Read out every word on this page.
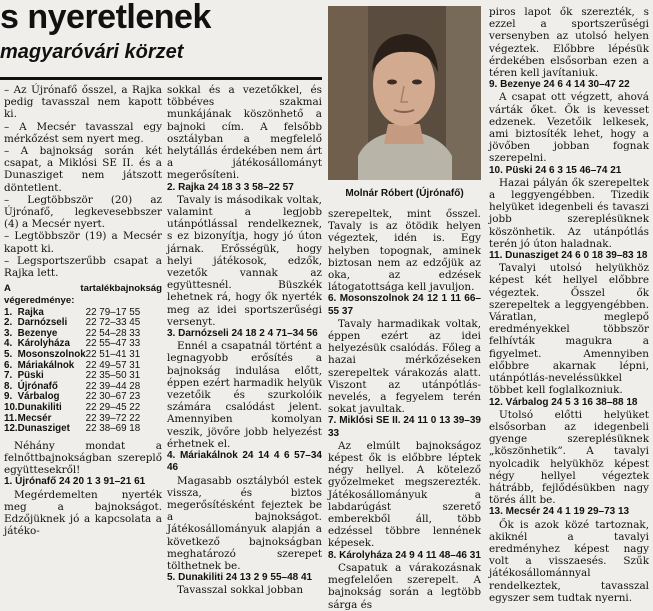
s nyeretlenek
magyaróvári körzet

– Az Újrónafő ősszel, a Rajka pedig tavasszal nem kapott ki.

– A Mecsér tavasszal egy mérkőzést sem nyert meg.

– A bajnokság során két csapat, a Miklósi SE II. és a Dunasziget nem játszott döntetlent.

– Legtöbbször (20) az Újrónafő, legkevesebbszer (4) a Mecsér nyert.

– Legtöbbször (19) a Mecsér kapott ki.

– Legsportszerűbb csapat a Rajka lett.

A tartalékbajnokság végeredménye:
1.	Rajka	22 79–17 55
2.	Darnózseli	22 72–33 45
3.	Bezenye	22 54–28 33
4.	Károlyháza	22 55–47 33
5.	Mosonszolnok	22 51–41 31
6.	Máriakálnok	22 49–57 31
7.	Püski	22 35–50 31
8.	Újrónafő	22 39–44 28
9.	Várbalog	22 30–67 23
10.	Dunakiliti	22 29–45 22
11.	Mecsér	22 39–72 22
12.	Dunasziget	22 38–69 18

Néhány mondat a felnőttbajnokságban szereplő együttesekről!

1. Újrónafő 24 20 1 3 91–21 61

Megérdemelten nyerték meg a bajnokságot. Edzőjüknek jó a kapcsolata a játéko-

sokkal és a vezetőkkel, és többéves szakmai munkájának köszönhető a bajnoki cím. A felsőbb osztályban a megfelelő helytállás érdekében nem árt a játékosállományt megerősíteni.

2. Rajka 24 18 3 3 58–22 57

Tavaly is másodikak voltak, valamint a legjobb utánpótlással rendelkeznek, s ez bizonyítja, hogy jó úton járnak. Erősségük, hogy helyi játékosok, edzők, vezetők vannak az együttesnél. Büszkék lehetnek rá, hogy ők nyerték meg az idei sportszerűségi versenyt.

3. Darnózseli 24 18 2 4 71–34 56

Ennél a csapatnál történt a legnagyobb erősítés a bajnokság indulása előtt, éppen ezért harmadik helyük vezetőik és szurkolóik számára csalódást jelent. Amennyiben komolyan veszik, jövőre jobb helyezést érhetnek el.

4. Máriakálnok 24 14 4 6 57–34 46

Magasabb osztályból estek vissza, és biztos megerősítésként fejeztek be a bajnokságot. Játékosállományuk alapján a következő bajnokságban meghatározó szerepet tölthetnek be.

5. Dunakiliti 24 13 2 9 55–48 41

Tavasszal sokkal jobban

Molnár Róbert (Újrónafő)

szerepeltek, mint ősszel. Tavaly is az ötödik helyen végeztek, idén is. Egy helyben topognak, aminek biztosan nem az edzőjük az oka, az edzések látogatottsága kell javuljon.

6. Mosonszolnok 24 12 1 11 66–55 37

Tavaly harmadikak voltak, éppen ezért az idei helyezésük csalódás. Főleg a hazai mérkőzéseken szerepeltek várakozás alatt. Viszont az utánpótlás-nevelés, a fegyelem terén sokat javultak.

7. Miklósi SE II. 24 11 0 13 39–39 33

Az elmúlt bajnokságoz képest ők is előbbre léptek négy hellyel. A kötelező győzelmeket megszerezték. Játékosállományuk a labdarúgást szerető emberekből áll, több edzéssel többre lennének képesek.

8. Károlyháza 24 9 4 11 48–46 31

Csapatuk a várakozásnak megfelelően szerepelt. A bajnokság során a legtöbb sárga és

piros lapot ők szerezték, s ezzel a sportszerűségi versenyben az utolsó helyen végeztek. Előbbre lépésük érdekében elsősorban ezen a téren kell javítaniuk.

9. Bezenye 24 6 4 14 30–47 22

A csapat ott végzett, ahová várták őket. Ők is kevesset edzenek. Vezetőik lelkesek, ami biztosíték lehet, hogy a jövőben jobban fognak szerepelni.

10. Püski 24 6 3 15 46–74 21

Hazai pályán ők szerepeltek a leggyengébben. Tizedik helyüket idegenbeli és tavaszi jobb szereplésüknek köszönhetik. Az utánpótlás terén jó úton haladnak.

11. Dunasziget 24 6 0 18 39–83 18

Tavalyi utolsó helyükhöz képest két hellyel előbbre végeztek. Ősszel ők szerepeltek a leggyengébben. Váratlan, meglepő eredményekkel többször felhívták magukra a figyelmet. Amennyiben előbbre akarnak lépni, utánpótlás-neveléssükkel többet kell foglalkozniuk.

12. Várbalog 24 5 3 16 38–88 18

Utolsó előtti helyüket elsősorban az idegenbeli gyenge szereplésüknek „köszönhetik”. A tavalyi nyolcadik helyükhöz képest négy hellyel végeztek hátrább, fejlődésükben nagy törés állt be.

13. Mecsér 24 4 1 19 29–73 13

Ők is azok közé tartoznak, akiknél a tavalyi eredményhez képest nagy volt a visszaesés. Szűk játékosállománnyal rendelkeztek, tavasszal egyszer sem tudtak nyerni.
